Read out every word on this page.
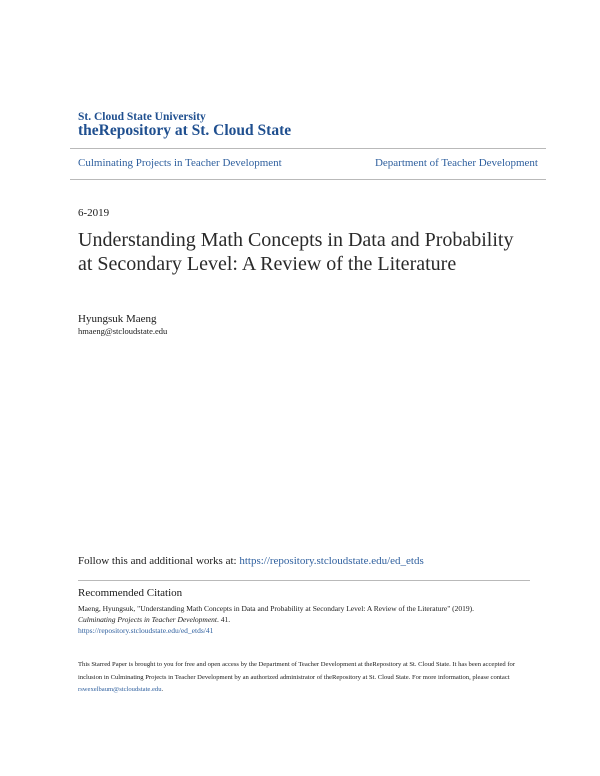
St. Cloud State University
theRepository at St. Cloud State
Culminating Projects in Teacher Development	Department of Teacher Development
6-2019
Understanding Math Concepts in Data and Probability at Secondary Level: A Review of the Literature
Hyungsuk Maeng
hmaeng@stcloudstate.edu
Follow this and additional works at: https://repository.stcloudstate.edu/ed_etds
Recommended Citation
Maeng, Hyungsuk, "Understanding Math Concepts in Data and Probability at Secondary Level: A Review of the Literature" (2019).
Culminating Projects in Teacher Development. 41.
https://repository.stcloudstate.edu/ed_etds/41
This Starred Paper is brought to you for free and open access by the Department of Teacher Development at theRepository at St. Cloud State. It has been accepted for inclusion in Culminating Projects in Teacher Development by an authorized administrator of theRepository at St. Cloud State. For more information, please contact rswexelbaum@stcloudstate.edu.
